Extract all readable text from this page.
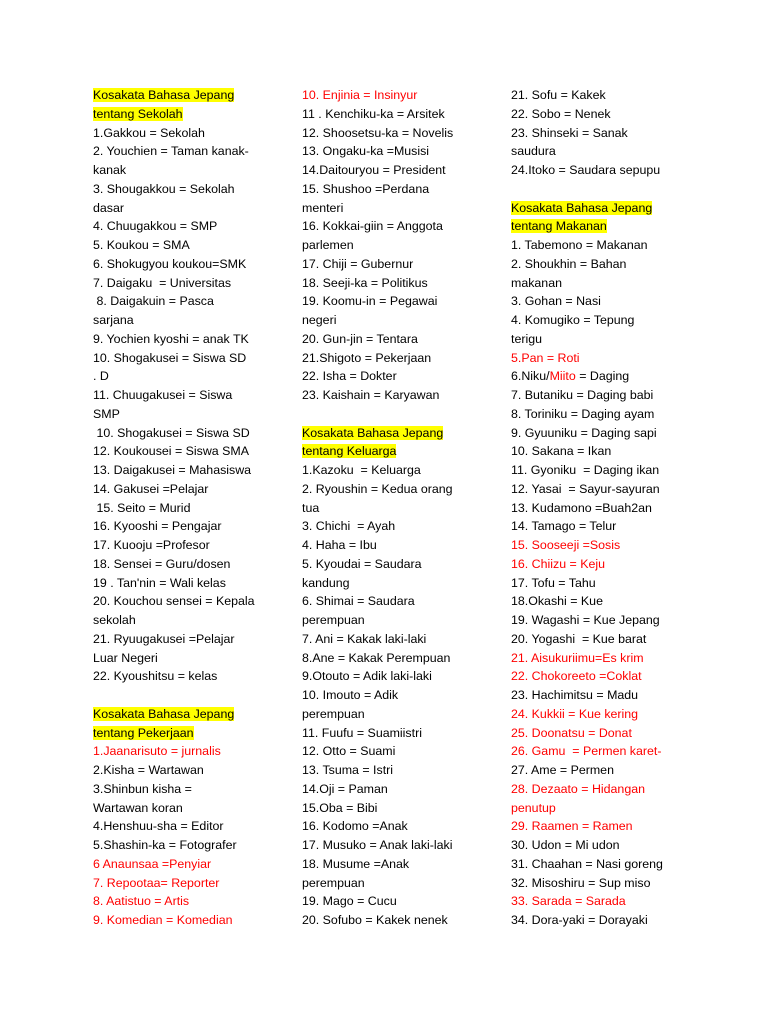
Kosakata Bahasa Jepang
tentang Sekolah
1.Gakkou = Sekolah
2. Youchien = Taman kanak-
kanak
3. Shougakkou = Sekolah
dasar
4. Chuugakkou = SMP
5. Koukou = SMA
6. Shokugyou koukou=SMK
7. Daigaku  = Universitas
8. Daigakuin = Pasca
sarjana
9. Yochien kyoshi = anak TK
10. Shogakusei = Siswa SD
. D
11. Chuugakusei = Siswa
SMP
10. Shogakusei = Siswa SD
12. Koukousei = Siswa SMA
13. Daigakusei = Mahasiswa
14. Gakusei =Pelajar
15. Seito = Murid
16. Kyooshi = Pengajar
17. Kuooju =Profesor
18. Sensei = Guru/dosen
19 . Tan'nin = Wali kelas
20. Kouchou sensei = Kepala
sekolah
21. Ryuugakusei =Pelajar
Luar Negeri
22. Kyoushitsu = kelas
Kosakata Bahasa Jepang
tentang Pekerjaan
1.Jaanarisuto = jurnalis
2.Kisha = Wartawan
3.Shinbun kisha =
Wartawan koran
4.Henshuu-sha = Editor
5.Shashin-ka = Fotografer
6 Anaunsaa =Penyiar
7. Repootaa= Reporter
8. Aatistuo = Artis
9. Komedian = Komedian
10. Enjinia = Insinyur
11 . Kenchiku-ka = Arsitek
12. Shoosetsu-ka = Novelis
13. Ongaku-ka =Musisi
14.Daitouryou = President
15. Shushoo =Perdana
menteri
16. Kokkai-giin = Anggota
parlemen
17. Chiji = Gubernur
18. Seeji-ka = Politikus
19. Koomu-in = Pegawai
negeri
20. Gun-jin = Tentara
21.Shigoto = Pekerjaan
22. Isha = Dokter
23. Kaishain = Karyawan
Kosakata Bahasa Jepang
tentang Keluarga
1.Kazoku  = Keluarga
2. Ryoushin = Kedua orang
tua
3. Chichi  = Ayah
4. Haha = Ibu
5. Kyoudai = Saudara
kandung
6. Shimai = Saudara
perempuan
7. Ani = Kakak laki-laki
8.Ane = Kakak Perempuan
9.Otouto = Adik laki-laki
10. Imouto = Adik
perempuan
11. Fuufu = Suamiistri
12. Otto = Suami
13. Tsuma = Istri
14.Oji = Paman
15.Oba = Bibi
16. Kodomo =Anak
17. Musuko = Anak laki-laki
18. Musume =Anak
perempuan
19. Mago = Cucu
20. Sofubo = Kakek nenek
21. Sofu = Kakek
22. Sobo = Nenek
23. Shinseki = Sanak
saudura
24.Itoko = Saudara sepupu
Kosakata Bahasa Jepang
tentang Makanan
1. Tabemono = Makanan
2. Shoukhin = Bahan
makanan
3. Gohan = Nasi
4. Komugiko = Tepung
terigu
5.Pan = Roti
6.Niku/Miito = Daging
7. Butaniku = Daging babi
8. Toriniku = Daging ayam
9. Gyuuniku = Daging sapi
10. Sakana = Ikan
11. Gyoniku  = Daging ikan
12. Yasai  = Sayur-sayuran
13. Kudamono =Buah2an
14. Tamago = Telur
15. Sooseeji =Sosis
16. Chiizu = Keju
17. Tofu = Tahu
18.Okashi = Kue
19. Wagashi = Kue Jepang
20. Yogashi  = Kue barat
21. Aisukuriimu=Es krim
22. Chokoreeto =Coklat
23. Hachimitsu = Madu
24. Kukkii = Kue kering
25. Doonatsu = Donat
26. Gamu  = Permen karet-
27. Ame = Permen
28. Dezaato = Hidangan
penutup
29. Raamen = Ramen
30. Udon = Mi udon
31. Chaahan = Nasi goreng
32. Misoshiru = Sup miso
33. Sarada = Sarada
34. Dora-yaki = Dorayaki
